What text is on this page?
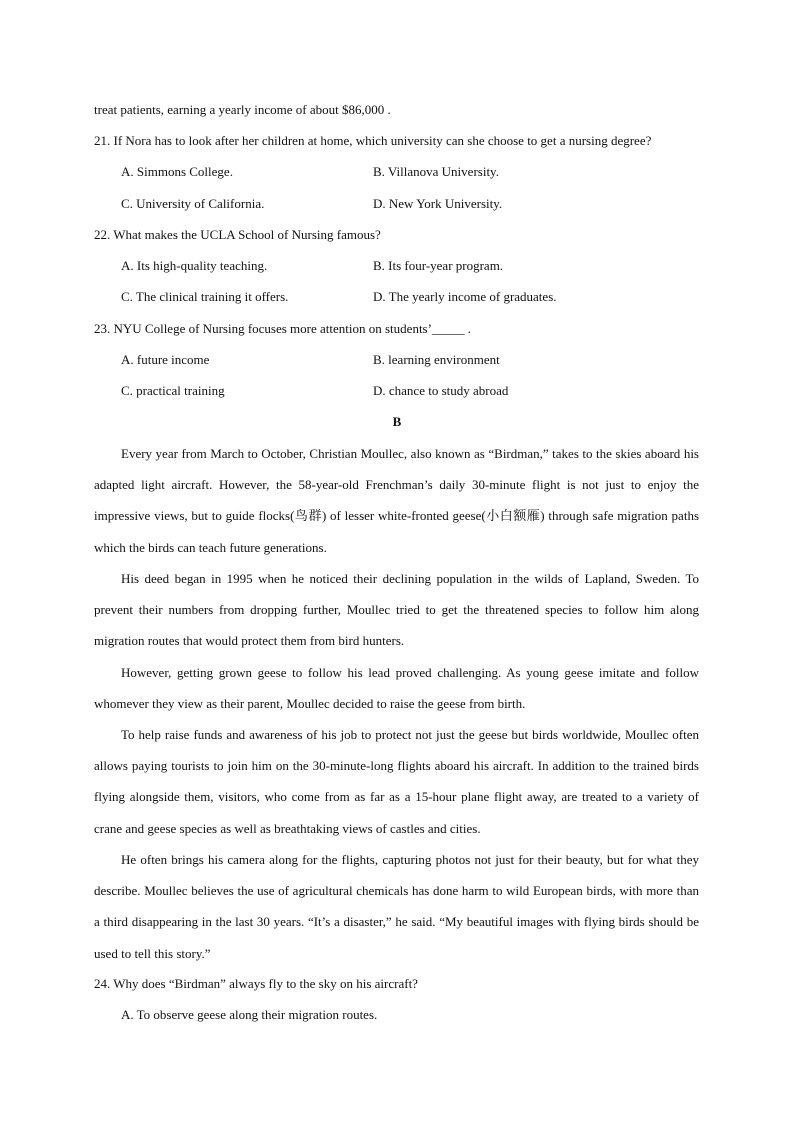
treat patients, earning a yearly income of about $86,000 .
21. If Nora has to look after her children at home, which university can she choose to get a nursing degree?
A. Simmons College.	B. Villanova University.
C. University of California.	D. New York University.
22. What makes the UCLA School of Nursing famous?
A. Its high-quality teaching.	B. Its four-year program.
C. The clinical training it offers.	D. The yearly income of graduates.
23. NYU College of Nursing focuses more attention on students’_____ .
A. future income	B. learning environment
C. practical training	D. chance to study abroad
B

Every year from March to October, Christian Moullec, also known as “Birdman,” takes to the skies aboard his adapted light aircraft. However, the 58-year-old Frenchman’s daily 30-minute flight is not just to enjoy the impressive views, but to guide flocks(鸟群) of lesser white-fronted geese(小白额雁) through safe migration paths which the birds can teach future generations.

His deed began in 1995 when he noticed their declining population in the wilds of Lapland, Sweden. To prevent their numbers from dropping further, Moullec tried to get the threatened species to follow him along migration routes that would protect them from bird hunters.

However, getting grown geese to follow his lead proved challenging. As young geese imitate and follow whomever they view as their parent, Moullec decided to raise the geese from birth.

To help raise funds and awareness of his job to protect not just the geese but birds worldwide, Moullec often allows paying tourists to join him on the 30-minute-long flights aboard his aircraft. In addition to the trained birds flying alongside them, visitors, who come from as far as a 15-hour plane flight away, are treated to a variety of crane and geese species as well as breathtaking views of castles and cities.

He often brings his camera along for the flights, capturing photos not just for their beauty, but for what they describe. Moullec believes the use of agricultural chemicals has done harm to wild European birds, with more than a third disappearing in the last 30 years. “It’s a disaster,” he said. “My beautiful images with flying birds should be used to tell this story.”

24. Why does “Birdman” always fly to the sky on his aircraft?
A. To observe geese along their migration routes.
